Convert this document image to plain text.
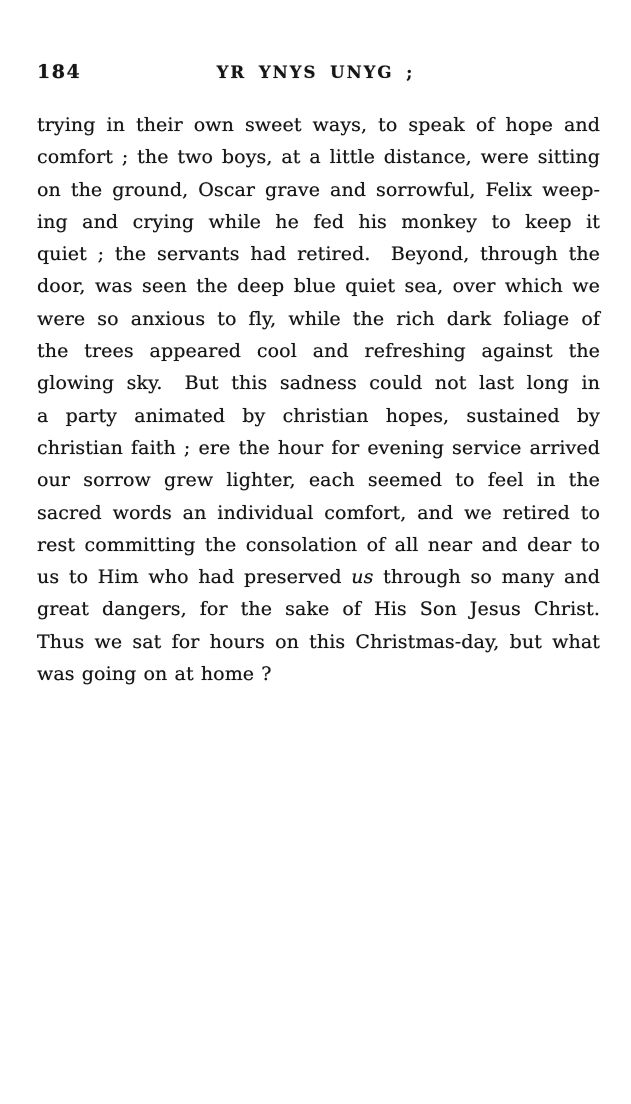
184	YR YNYS UNYG ;
trying in their own sweet ways, to speak of hope and
comfort ; the two boys, at a little distance, were sitting
on the ground, Oscar grave and sorrowful, Felix weep-
ing and crying while he fed his monkey to keep it
quiet ; the servants had retired.  Beyond, through the
door, was seen the deep blue quiet sea, over which we
were so anxious to fly, while the rich dark foliage of
the trees appeared cool and refreshing against the
glowing sky.  But this sadness could not last long in
a party animated by christian hopes, sustained by
christian faith ; ere the hour for evening service arrived
our sorrow grew lighter, each seemed to feel in the
sacred words an individual comfort, and we retired to
rest committing the consolation of all near and dear to
us to Him who had preserved us through so many and
great dangers, for the sake of His Son Jesus Christ.
Thus we sat for hours on this Christmas-day, but what
was going on at home ?
